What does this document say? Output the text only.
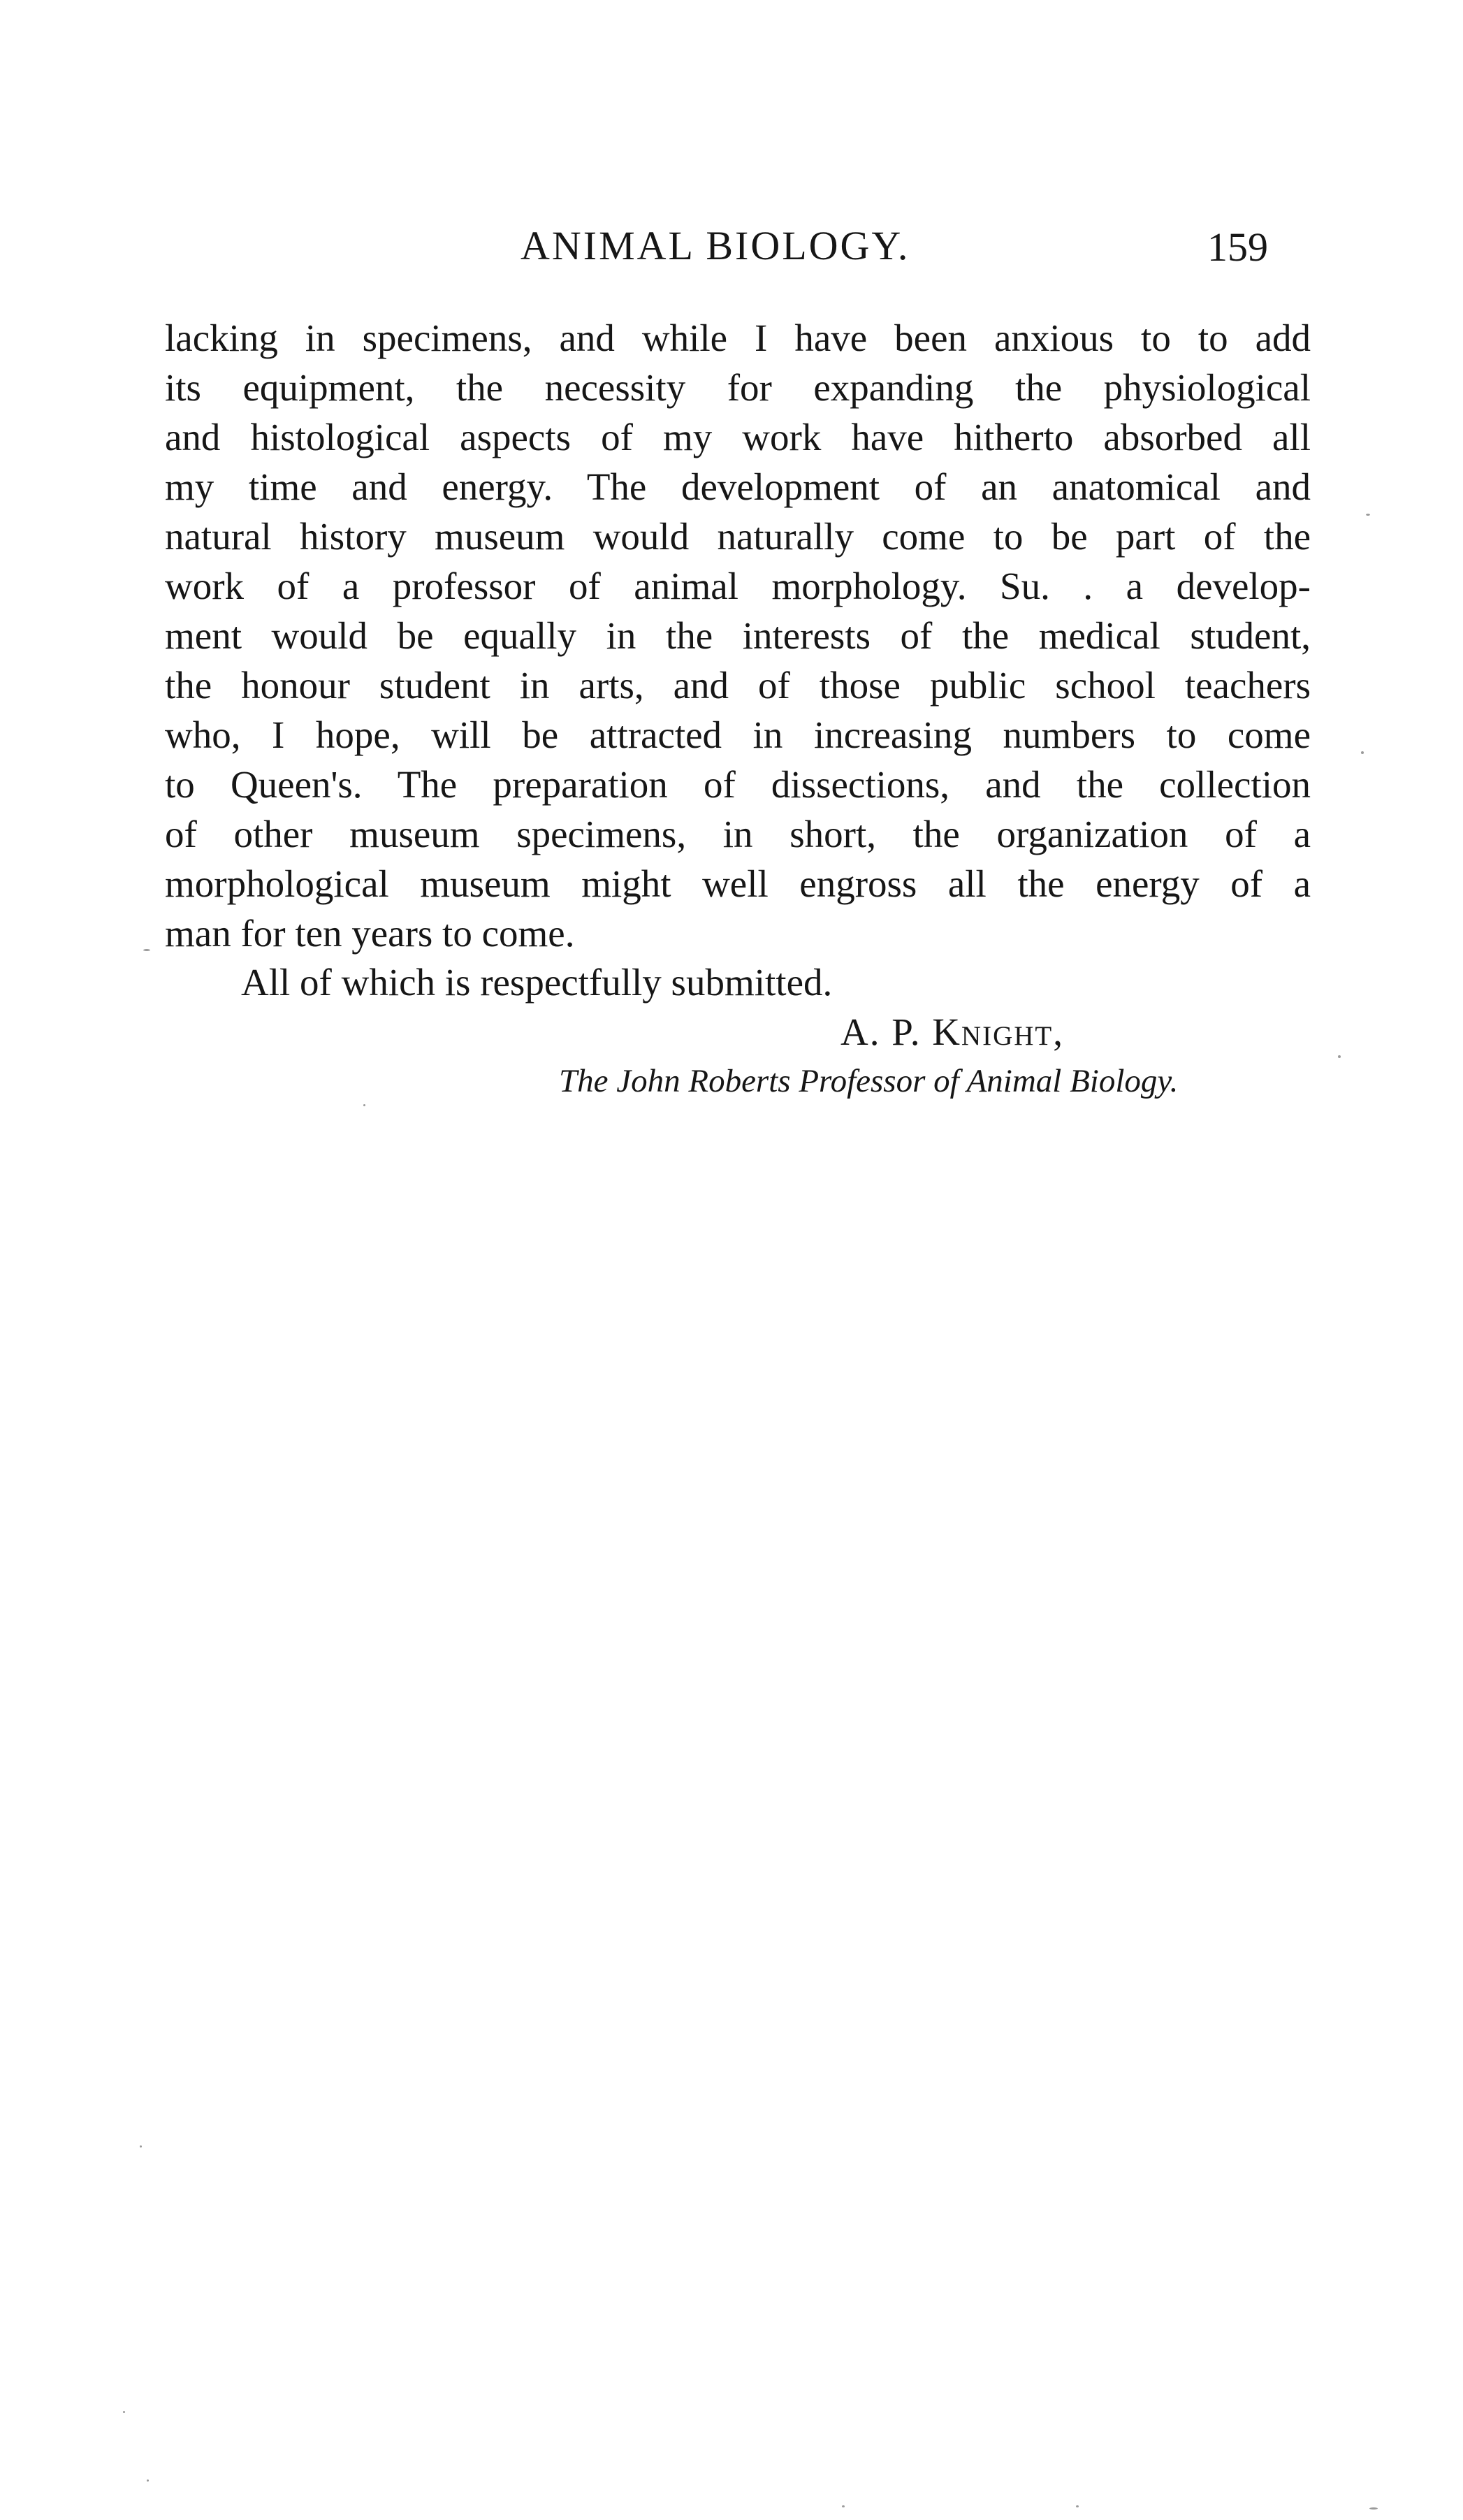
ANIMAL BIOLOGY.	159
lacking in specimens, and while I have been anxious to to add
its equipment, the necessity for expanding the physiological
and histological aspects of my work have hitherto absorbed all
my time and energy. The development of an anatomical and
natural history museum would naturally come to be part of the
work of a professor of animal morphology. Su. . a develop-
ment would be equally in the interests of the medical student,
the honour student in arts, and of those public school teachers
who, I hope, will be attracted in increasing numbers to come
to Queen's. The preparation of dissections, and the collection
of other museum specimens, in short, the organization of a
morphological museum might well engross all the energy of a
man for ten years to come.
All of which is respectfully submitted.
A. P. Knight,
The John Roberts Professor of Animal Biology.
